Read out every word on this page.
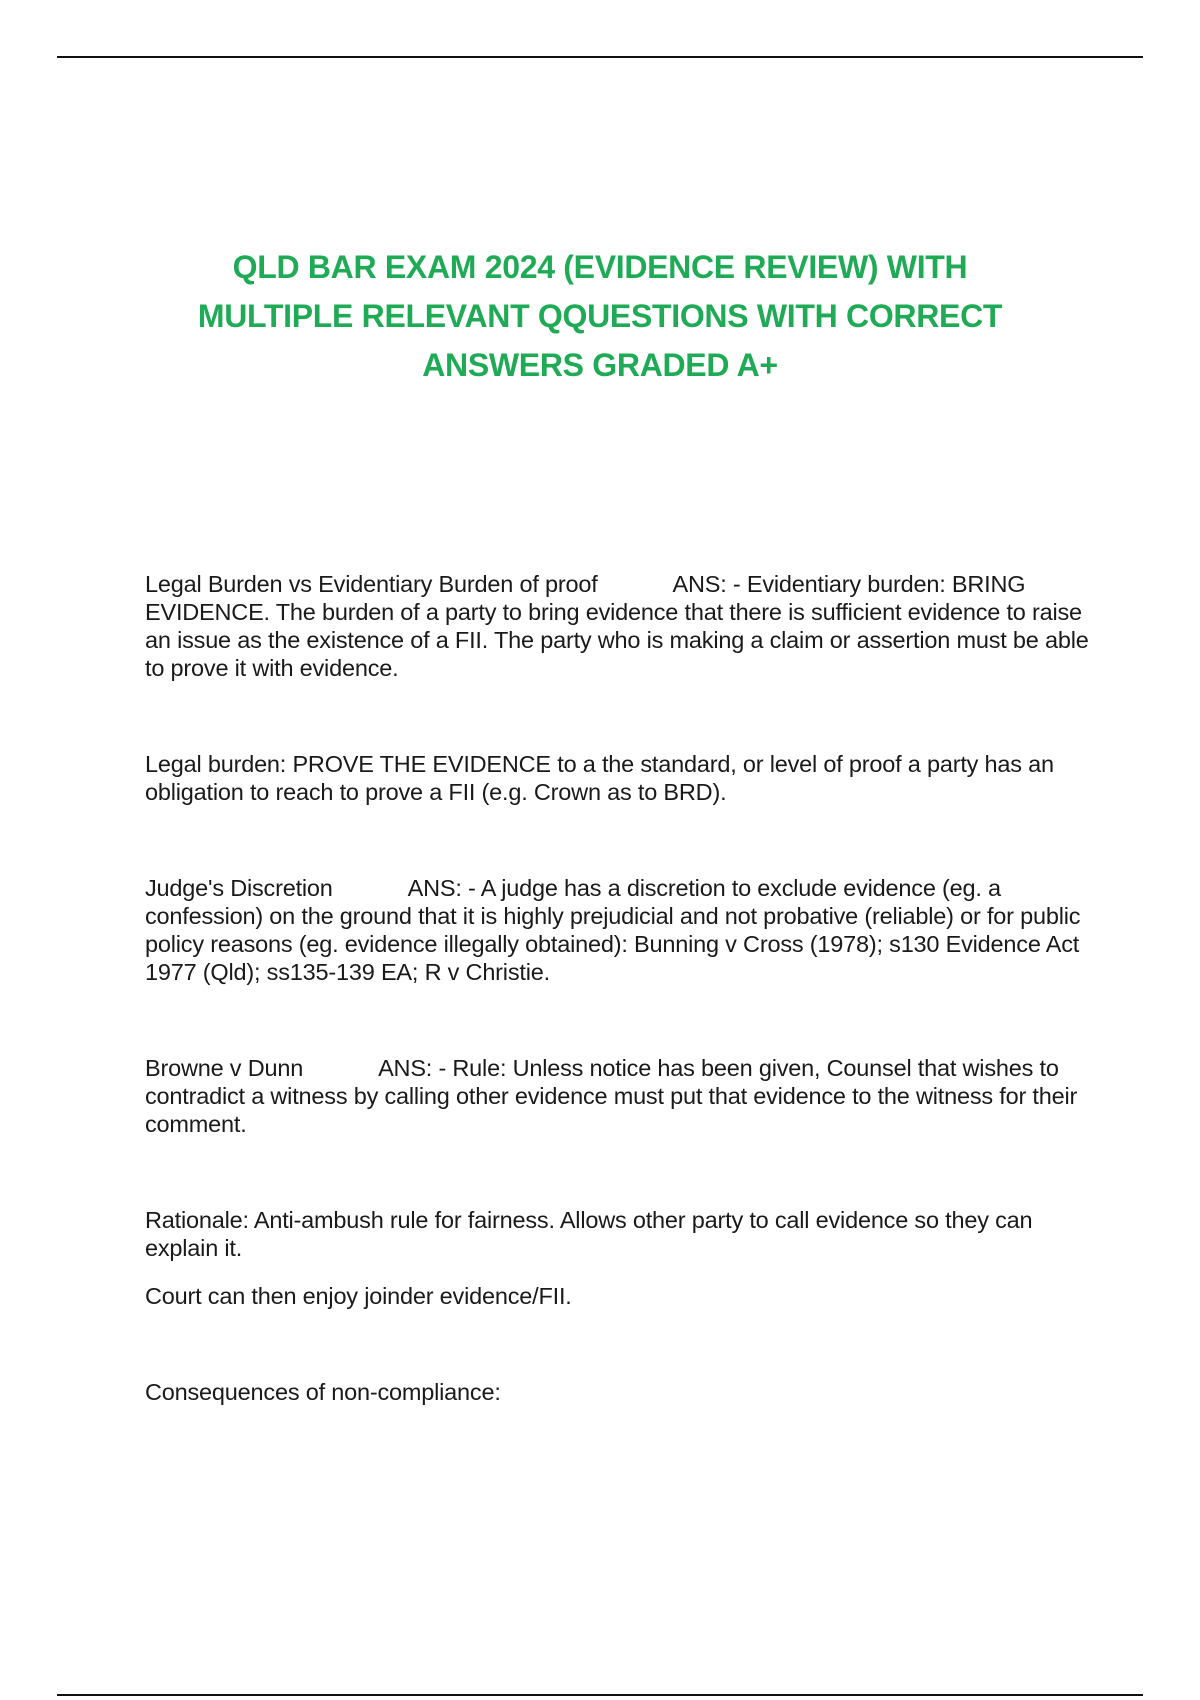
QLD BAR EXAM 2024 (EVIDENCE REVIEW) WITH
MULTIPLE RELEVANT QQUESTIONS WITH CORRECT
ANSWERS GRADED A+

Legal Burden vs Evidentiary Burden of proof	ANS: - Evidentiary burden: BRING EVIDENCE. The burden of a party to bring evidence that there is sufficient evidence to raise an issue as the existence of a FII. The party who is making a claim or assertion must be able to prove it with evidence.

Legal burden: PROVE THE EVIDENCE to a the standard, or level of proof a party has an obligation to reach to prove a FII (e.g. Crown as to BRD).

Judge's Discretion	ANS: - A judge has a discretion to exclude evidence (eg. a confession) on the ground that it is highly prejudicial and not probative (reliable) or for public policy reasons (eg. evidence illegally obtained): Bunning v Cross (1978); s130 Evidence Act 1977 (Qld); ss135-139 EA; R v Christie.

Browne v Dunn	ANS: - Rule: Unless notice has been given, Counsel that wishes to contradict a witness by calling other evidence must put that evidence to the witness for their comment.

Rationale: Anti-ambush rule for fairness. Allows other party to call evidence so they can explain it.

Court can then enjoy joinder evidence/FII.

Consequences of non-compliance:
